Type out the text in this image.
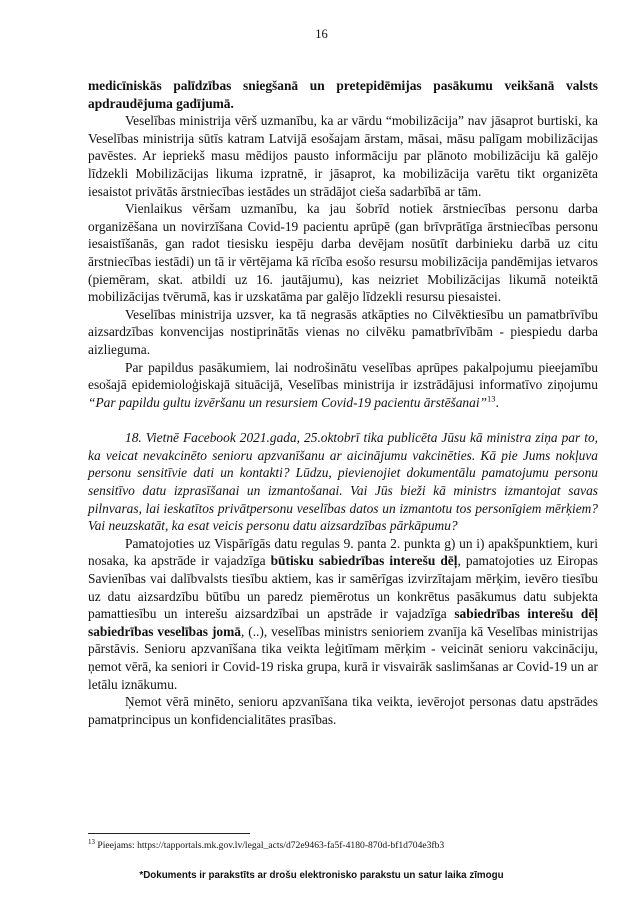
16

medicīniskās palīdzības sniegšanā un pretepidēmijas pasākumu veikšanā valsts apdraudējuma gadījumā.

Veselības ministrija vērš uzmanību, ka ar vārdu “mobilizācija” nav jāsaprot burtiski, ka Veselības ministrija sūtīs katram Latvijā esošajam ārstam, māsai, māsu palīgam mobilizācijas pavēstes. Ar iepriekš masu mēdijos pausto informāciju par plānoto mobilizāciju kā galējo līdzekli Mobilizācijas likuma izpratnē, ir jāsaprot, ka mobilizācija varētu tikt organizēta iesaistot privātās ārstniecības iestādes un strādājot cieša sadarbībā ar tām.

Vienlaikus vēršam uzmanību, ka jau šobrīd notiek ārstniecības personu darba organizēšana un novirzīšana Covid-19 pacientu aprūpē (gan brīvprātīga ārstniecības personu iesaistīšanās, gan radot tiesisku iespēju darba devējam nosūtīt darbinieku darbā uz citu ārstniecības iestādi) un tā ir vērtējama kā rīcība esošo resursu mobilizācija pandēmijas ietvaros (piemēram, skat. atbildi uz 16. jautājumu), kas neizriet Mobilizācijas likumā noteiktā mobilizācijas tvērumā, kas ir uzskatāma par galējo līdzekli resursu piesaistei.

Veselības ministrija uzsver, ka tā negrasās atkāpties no Cilvēktiesību un pamatbrīvību aizsardzības konvencijas nostiprinātās vienas no cilvēku pamatbrīvībām - piespiedu darba aizlieguma.

Par papildus pasākumiem, lai nodrošinātu veselības aprūpes pakalpojumu pieejamību esošajā epidemioloģiskajā situācijā, Veselības ministrija ir izstrādājusi informatīvo ziņojumu “Par papildu gultu izvēršanu un resursiem Covid-19 pacientu ārstēšanai”$^{13}$.

18. Vietnē Facebook 2021.gada, 25.oktobrī tika publicēta Jūsu kā ministra ziņa par to, ka veicat nevakcinēto senioru apzvanīšanu ar aicinājumu vakcinēties. Kā pie Jums nokļuva personu sensitīvie dati un kontakti? Lūdzu, pievienojiet dokumentālu pamatojumu personu sensitīvo datu izprasīšanai un izmantošanai. Vai Jūs bieži kā ministrs izmantojat savas pilnvaras, lai ieskatītos privātpersonu veselības datos un izmantotu tos personīgiem mērķiem? Vai neuzskatāt, ka esat veicis personu datu aizsardzības pārkāpumu?

Pamatojoties uz Vispārīgās datu regulas 9. panta 2. punkta g) un i) apakšpunktiem, kuri nosaka, ka apstrāde ir vajadzīga būtisku sabiedrības interešu dēļ, pamatojoties uz Eiropas Savienības vai dalībvalsts tiesību aktiem, kas ir samērīgas izvirzītajam mērķim, ievēro tiesību uz datu aizsardzību būtību un paredz piemērotus un konkrētus pasākumus datu subjekta pamattiesību un interešu aizsardzībai un apstrāde ir vajadzīga sabiedrības interešu dēļ sabiedrības veselības jomā, (..), veselības ministrs senioriem zvanīja kā Veselības ministrijas pārstāvis. Senioru apzvanīšana tika veikta leģitīmam mērķim - veicināt senioru vakcināciju, ņemot vērā, ka seniori ir Covid-19 riska grupa, kurā ir visvairāk saslimšanas ar Covid-19 un ar letālu iznākumu.

Ņemot vērā minēto, senioru apzvanīšana tika veikta, ievērojot personas datu apstrādes pamatprincipus un konfidencialitātes prasības.

$^{13}$ Pieejams: https://tapportals.mk.gov.lv/legal_acts/d72e9463-fa5f-4180-870d-bf1d704e3fb3
*Dokuments ir parakstīts ar drošu elektronisko parakstu un satur laika zīmogu
